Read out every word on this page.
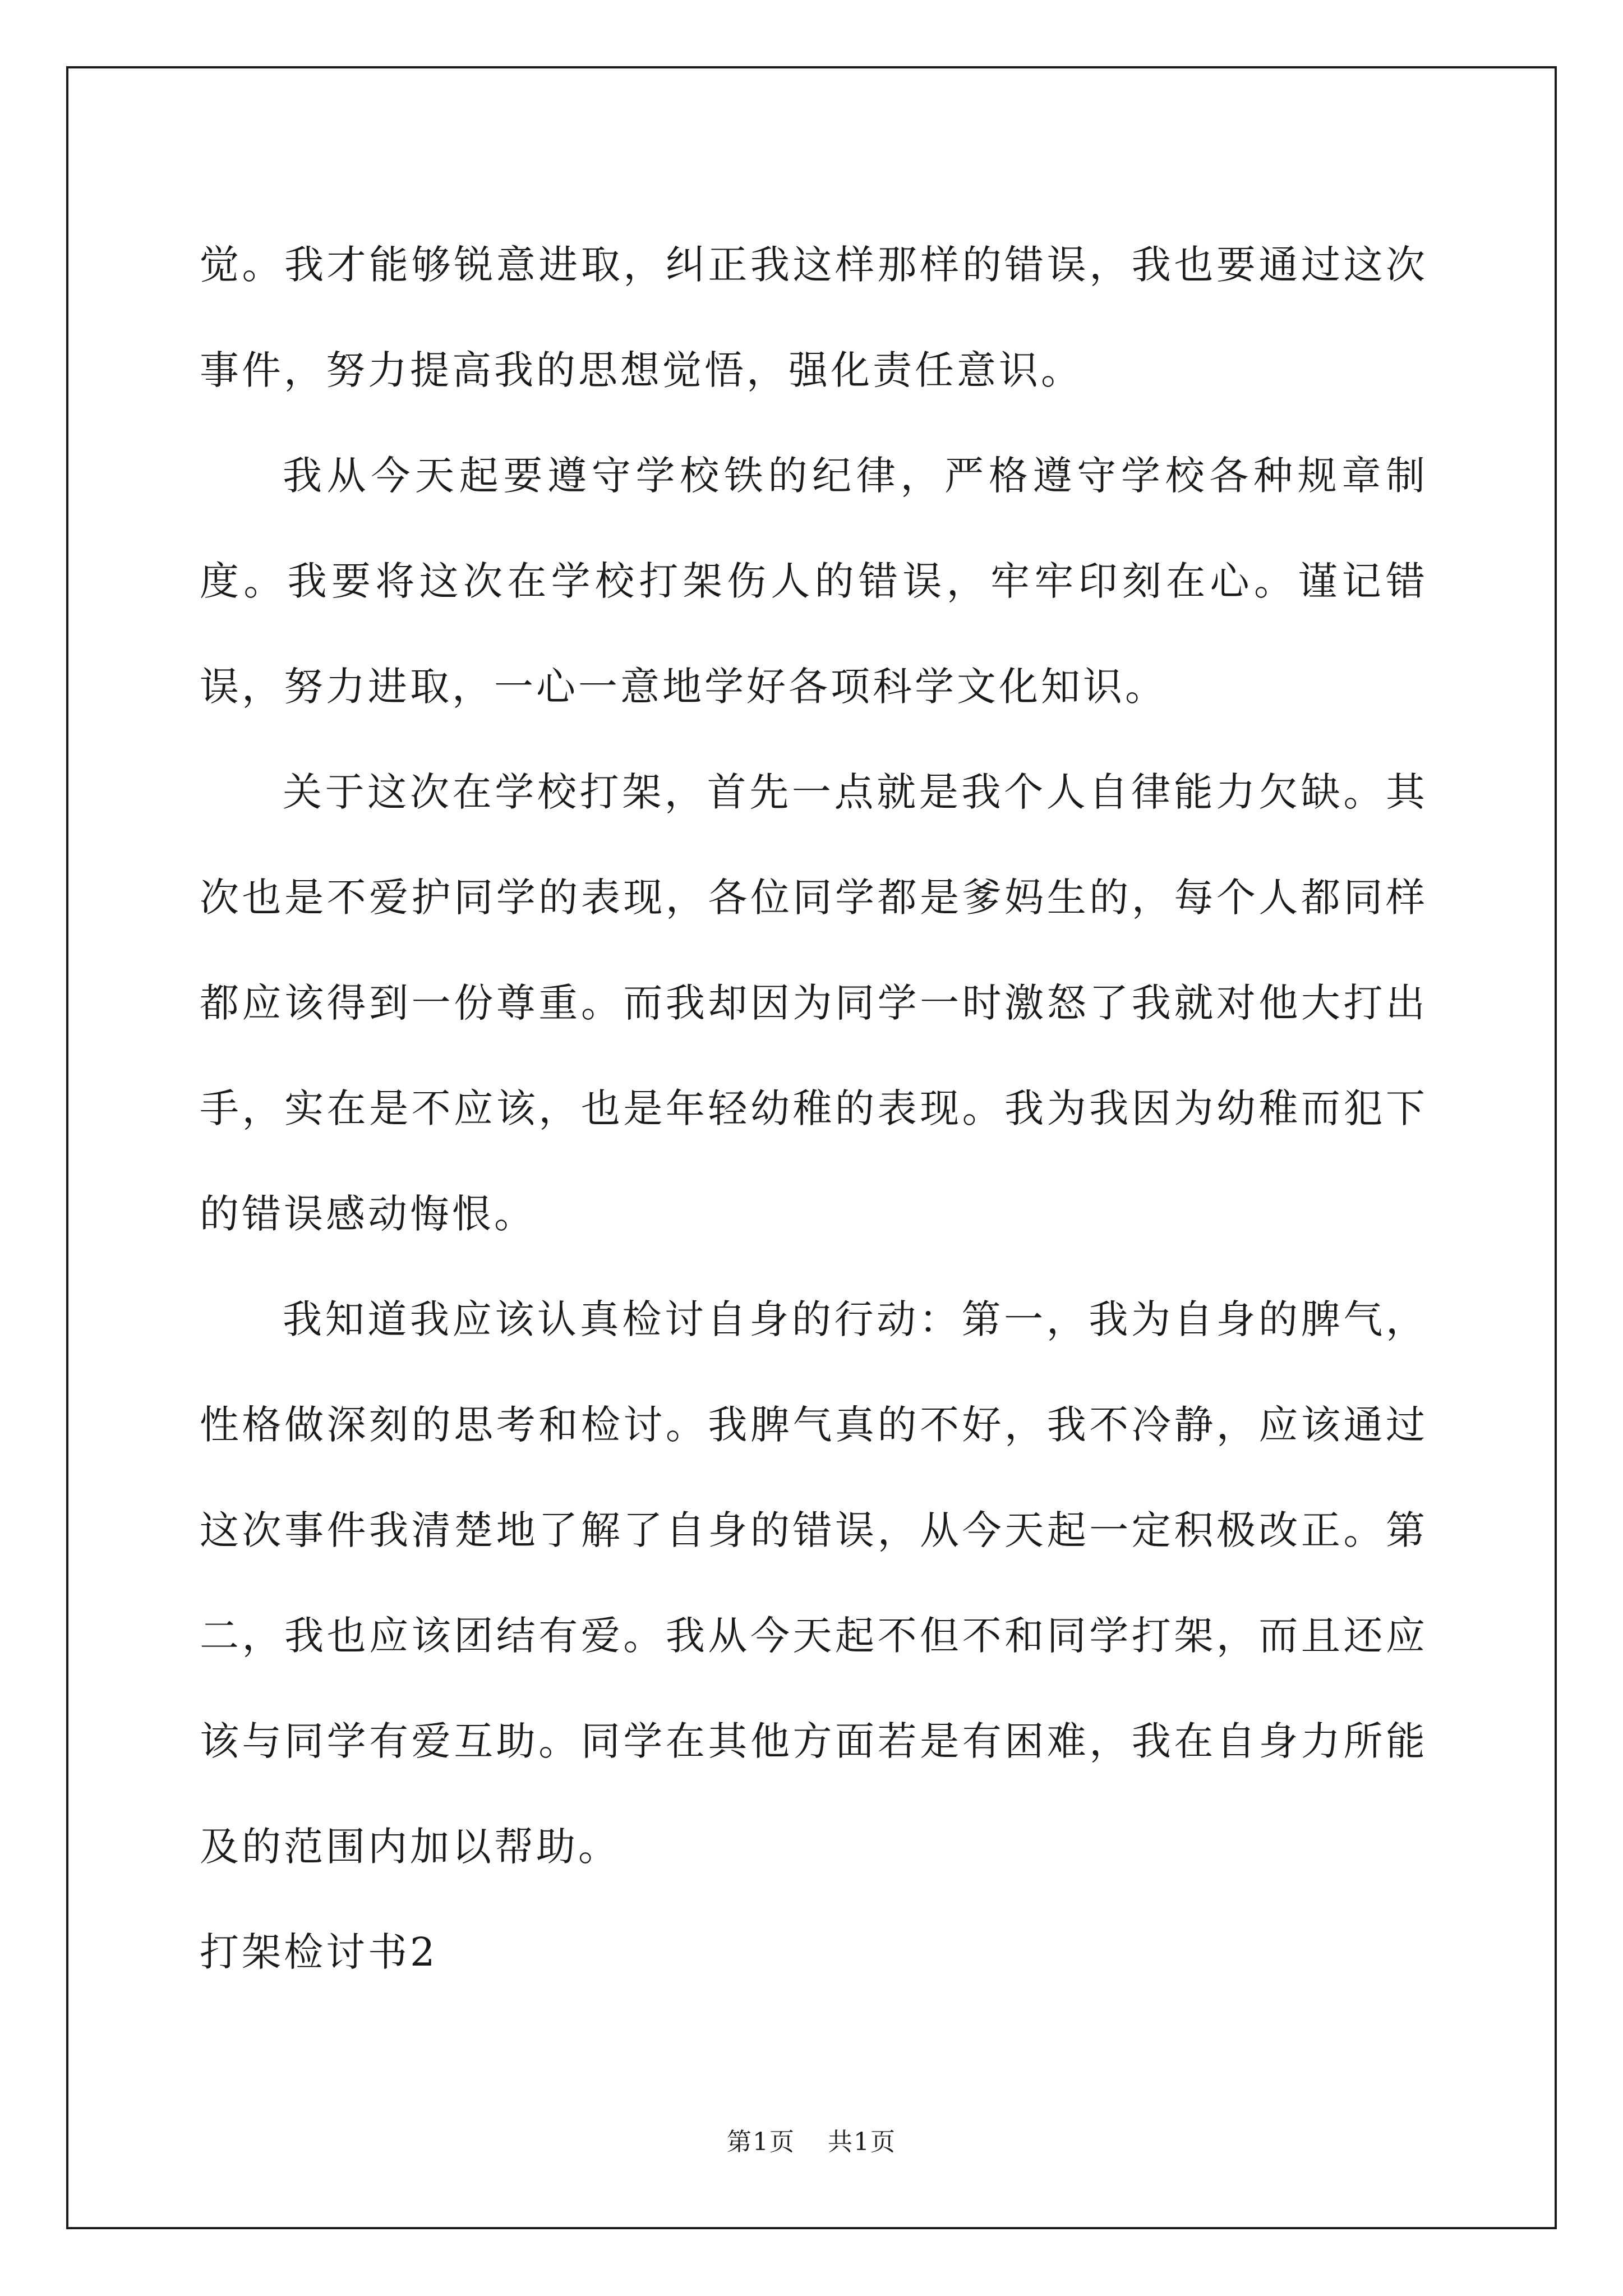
觉。我才能够锐意进取，纠正我这样那样的错误，我也要通过这次事件，努力提高我的思想觉悟，强化责任意识。

我从今天起要遵守学校铁的纪律，严格遵守学校各种规章制度。我要将这次在学校打架伤人的错误，牢牢印刻在心。谨记错误，努力进取，一心一意地学好各项科学文化知识。

关于这次在学校打架，首先一点就是我个人自律能力欠缺。其次也是不爱护同学的表现，各位同学都是爹妈生的，每个人都同样都应该得到一份尊重。而我却因为同学一时激怒了我就对他大打出手，实在是不应该，也是年轻幼稚的表现。我为我因为幼稚而犯下的错误感动悔恨。

我知道我应该认真检讨自身的行动：第一，我为自身的脾气，性格做深刻的思考和检讨。我脾气真的不好，我不冷静，应该通过这次事件我清楚地了解了自身的错误，从今天起一定积极改正。第二，我也应该团结有爱。我从今天起不但不和同学打架，而且还应该与同学有爱互助。同学在其他方面若是有困难，我在自身力所能及的范围内加以帮助。

打架检讨书2

第1页 共1页
